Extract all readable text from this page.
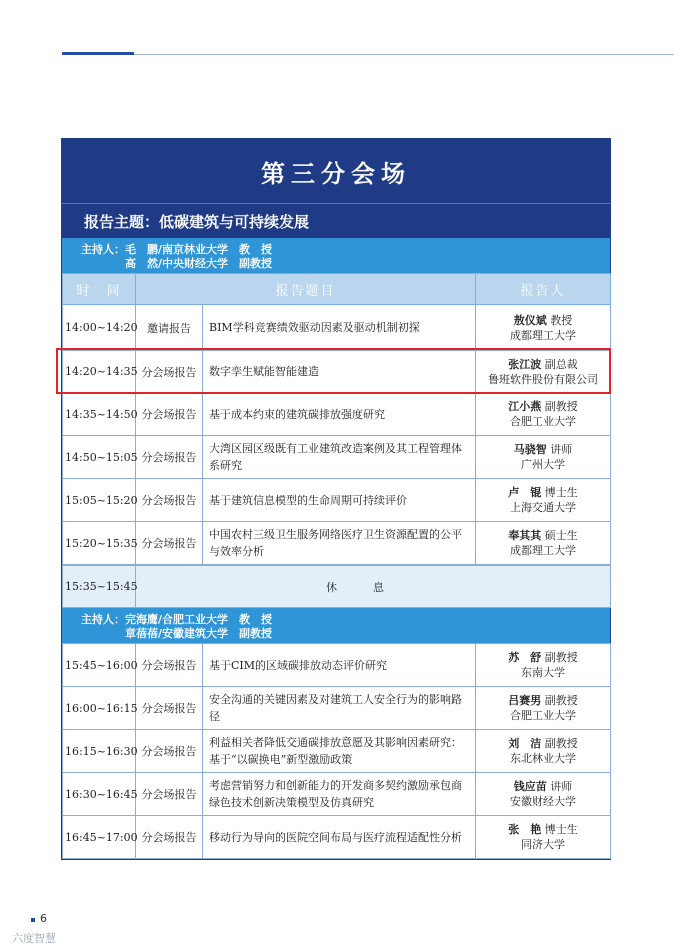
第三分会场
报告主题：低碳建筑与可持续发展
主持人： 毛　鹏/南京林业大学　教　授
高　然/中央财经大学　副教授
时　间	报告题目		报告人
14:00~14:20	邀请报告	BIM学科竞赛绩效驱动因素及驱动机制初探	敖仪斌 教授
成都理工大学

14:20~14:35	分会场报告	数字孪生赋能智能建造	张江波 副总裁
鲁班软件股份有限公司

14:35~14:50	分会场报告	基于成本约束的建筑碳排放强度研究	江小燕 副教授
合肥工业大学

14:50~15:05	分会场报告	大湾区园区级既有工业建筑改造案例及其工程管理体系研究	马骁智 讲师
广州大学

15:05~15:20	分会场报告	基于建筑信息模型的生命周期可持续评价	卢　锟 博士生
上海交通大学

15:20~15:35	分会场报告	中国农村三级卫生服务网络医疗卫生资源配置的公平与效率分析	奉其其 硕士生
成都理工大学
15:35~15:45	休息
主持人： 完海鹰/合肥工业大学　教　授
章蓓蓓/安徽建筑大学　副教授
15:45~16:00	分会场报告	基于CIM的区域碳排放动态评价研究	苏　舒 副教授
东南大学

16:00~16:15	分会场报告	安全沟通的关键因素及对建筑工人安全行为的影响路径	吕赛男 副教授
合肥工业大学

16:15~16:30	分会场报告	利益相关者降低交通碳排放意愿及其影响因素研究：基于“以碳换电”新型激励政策	刘　洁 副教授
东北林业大学

16:30~16:45	分会场报告	考虑营销努力和创新能力的开发商多契约激励承包商绿色技术创新决策模型及仿真研究	钱应苗 讲师
安徽财经大学

16:45~17:00	分会场报告	移动行为导向的医院空间布局与医疗流程适配性分析	张　艳 博士生
同济大学
6
六度智慧
